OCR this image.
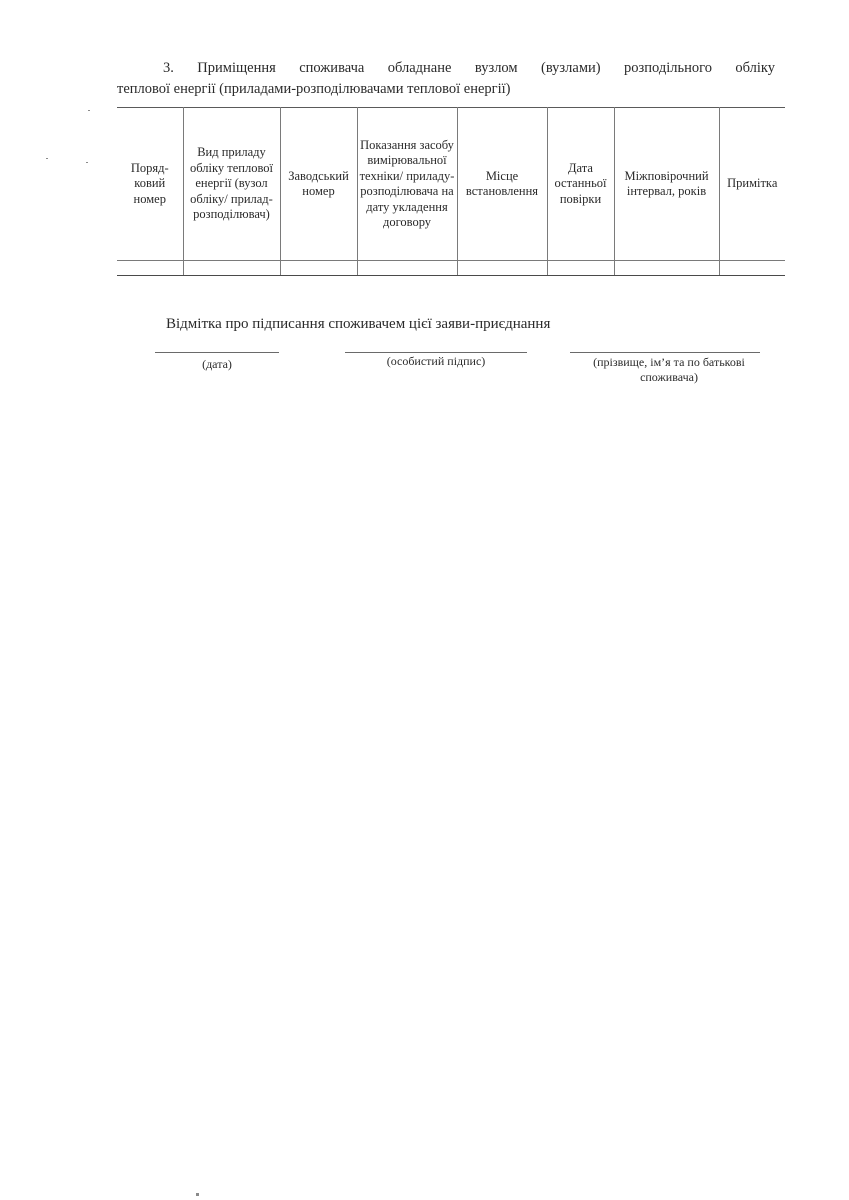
3. Приміщення споживача обладнане вузлом (вузлами) розподільного обліку
теплової енергії (приладами-розподілювачами теплової енергії)

Поряд-ковий номер	Вид приладу обліку теплової енергії (вузол обліку/ прилад-розподілювач)	Заводський номер	Показання засобу вимірювальної техніки/ приладу-розподілювача на дату укладення договору	Місце встановлення	Дата останньої повірки	Міжповірочний інтервал, років	Примітка

Відмітка про підписання споживачем цієї заяви-приєднання

(дата)	(особистий підпис)	(прізвище, ім’я та по батькові споживача)
